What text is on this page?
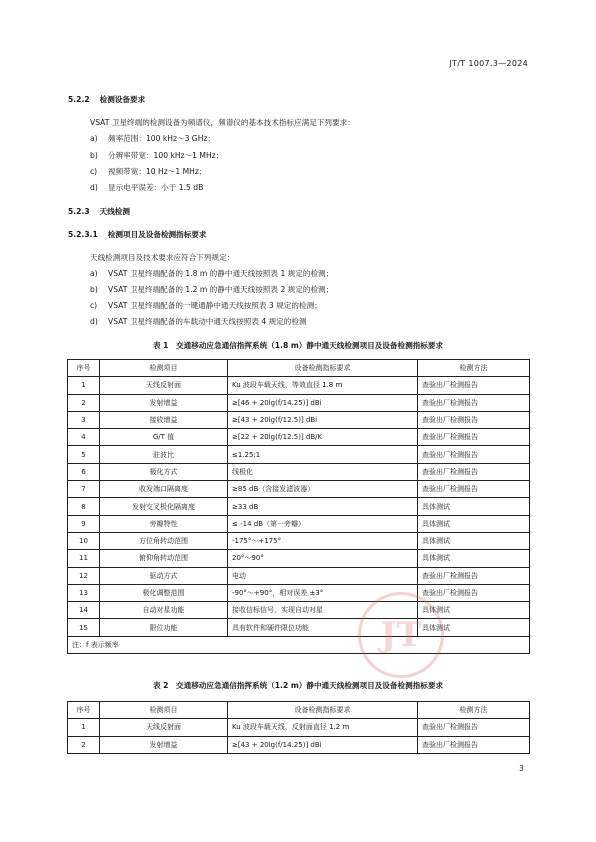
JT/T 1007.3—2024
5.2.2 检测设备要求
VSAT 卫星终端的检测设备为频谱仪，频谱仪的基本技术指标应满足下列要求：
a) 频率范围：100 kHz～3 GHz；
b) 分辨率带宽：100 kHz～1 MHz；
c) 视频带宽：10 Hz～1 MHz；
d) 显示电平误差：小于 1.5 dB
5.2.3 天线检测
5.2.3.1 检测项目及设备检测指标要求
天线检测项目及技术要求应符合下列规定：
a) VSAT 卫星终端配备的 1.8 m 的静中通天线按照表 1 规定的检测；
b) VSAT 卫星终端配备的 1.2 m 的静中通天线按照表 2 规定的检测；
c) VSAT 卫星终端配备的一键通静中通天线按照表 3 规定的检测；
d) VSAT 卫星终端配备的车载动中通天线按照表 4 规定的检测
表 1　交通移动应急通信指挥系统（1.8 m）静中通天线检测项目及设备检测指标要求
序号	检测项目	设备检测指标要求	检测方法
1	天线反射面	Ku 波段车载天线，等效直径 1.8 m	查验出厂检测报告
2	发射增益	≥[46 + 20lg(f/14.25)] dBi	查验出厂检测报告
3	接收增益	≥[43 + 20lg(f/12.5)] dBi	查验出厂检测报告
4	G/T 值	≥[22 + 20lg(f/12.5)] dB/K	查验出厂检测报告
5	驻波比	≤1.25:1	查验出厂检测报告
6	极化方式	线极化	查验出厂检测报告
7	收发端口隔离度	≥85 dB（含接发滤波器）	查验出厂检测报告
8	发射交叉极化隔离度	≥33 dB	具体测试
9	旁瓣特性	≤ -14 dB（第一旁瓣）	具体测试
10	方位角转动范围	-175°～+175°	具体测试
11	俯仰角转动范围	20°～90°	具体测试
12	驱动方式	电动	查验出厂检测报告
13	极化调整范围	-90°～+90°，相对误差 ±3°	查验出厂检测报告
14	自动对星功能	接收信标信号，实现自动对星	具体测试
15	限位功能	具有软件和硬件限位功能	具体测试
注：f 表示频率			
表 2　交通移动应急通信指挥系统（1.2 m）静中通天线检测项目及设备检测指标要求
序号	检测项目	设备检测指标要求	检测方法
1	天线反射面	Ku 波段车载天线，反射面直径 1.2 m	查验出厂检测报告
2	发射增益	≥[43 + 20lg(f/14.25)] dBi	查验出厂检测报告
JT
3
